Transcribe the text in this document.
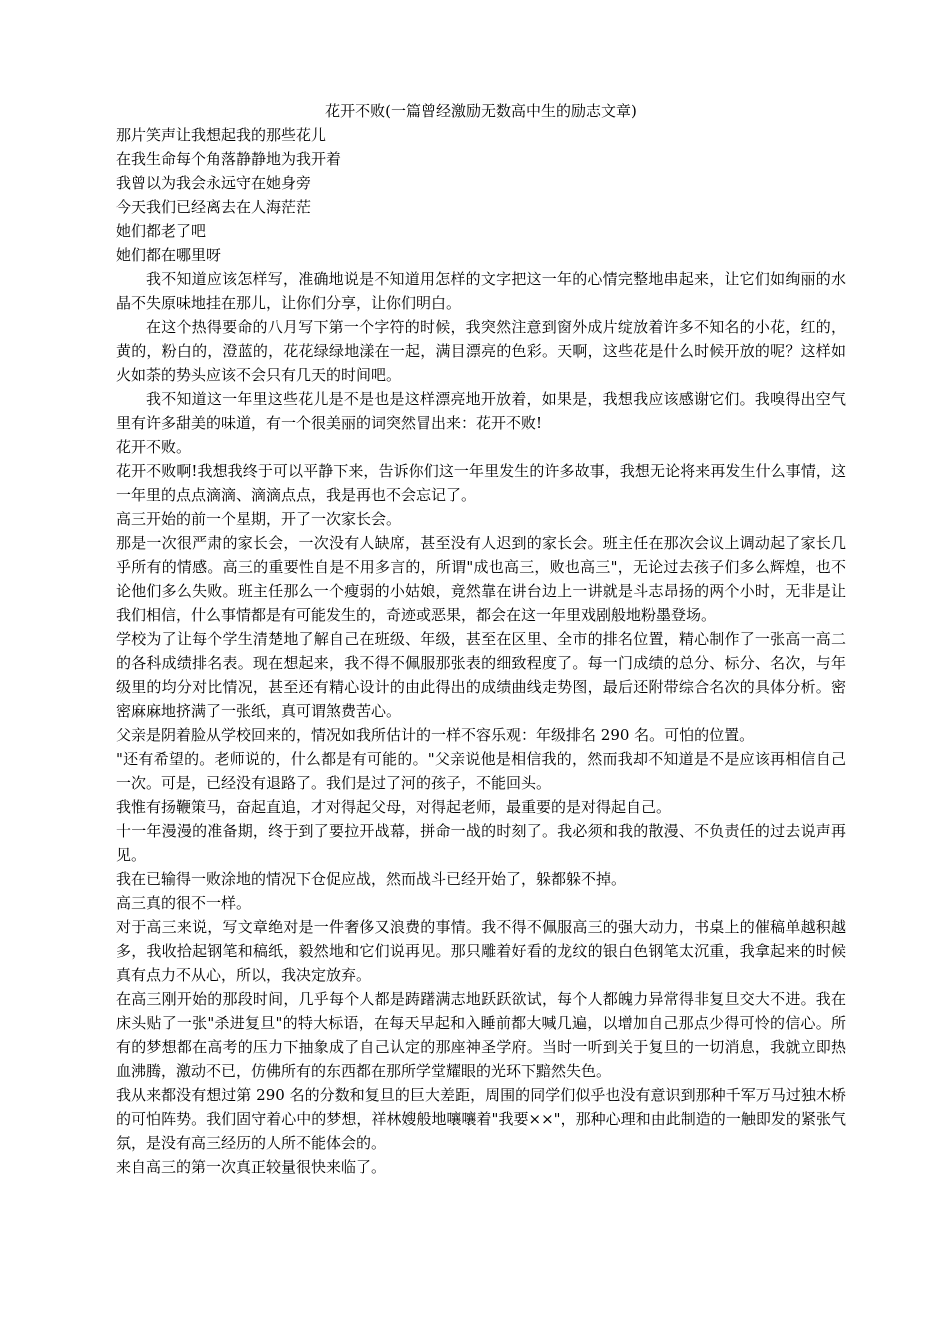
花开不败(一篇曾经激励无数高中生的励志文章)
那片笑声让我想起我的那些花儿
在我生命每个角落静静地为我开着
我曾以为我会永远守在她身旁
今天我们已经离去在人海茫茫
她们都老了吧
她们都在哪里呀
我不知道应该怎样写，准确地说是不知道用怎样的文字把这一年的心情完整地串起来，让它们如绚丽的水晶不失原味地挂在那儿，让你们分享，让你们明白。
在这个热得要命的八月写下第一个字符的时候，我突然注意到窗外成片绽放着许多不知名的小花，红的，黄的，粉白的，澄蓝的，花花绿绿地漾在一起，满目漂亮的色彩。天啊，这些花是什么时候开放的呢？这样如火如荼的势头应该不会只有几天的时间吧。
我不知道这一年里这些花儿是不是也是这样漂亮地开放着，如果是，我想我应该感谢它们。我嗅得出空气里有许多甜美的味道，有一个很美丽的词突然冒出来：花开不败!
花开不败。
花开不败啊!我想我终于可以平静下来，告诉你们这一年里发生的许多故事，我想无论将来再发生什么事情，这一年里的点点滴滴、滴滴点点，我是再也不会忘记了。
高三开始的前一个星期，开了一次家长会。
那是一次很严肃的家长会，一次没有人缺席，甚至没有人迟到的家长会。班主任在那次会议上调动起了家长几乎所有的情感。高三的重要性自是不用多言的，所谓"成也高三，败也高三"，无论过去孩子们多么辉煌，也不论他们多么失败。班主任那么一个瘦弱的小姑娘，竟然靠在讲台边上一讲就是斗志昂扬的两个小时，无非是让我们相信，什么事情都是有可能发生的，奇迹或恶果，都会在这一年里戏剧般地粉墨登场。
学校为了让每个学生清楚地了解自己在班级、年级，甚至在区里、全市的排名位置，精心制作了一张高一高二的各科成绩排名表。现在想起来，我不得不佩服那张表的细致程度了。每一门成绩的总分、标分、名次，与年级里的均分对比情况，甚至还有精心设计的由此得出的成绩曲线走势图，最后还附带综合名次的具体分析。密密麻麻地挤满了一张纸，真可谓煞费苦心。
父亲是阴着脸从学校回来的，情况如我所估计的一样不容乐观：年级排名 290 名。可怕的位置。
"还有希望的。老师说的，什么都是有可能的。"父亲说他是相信我的，然而我却不知道是不是应该再相信自己一次。可是，已经没有退路了。我们是过了河的孩子，不能回头。
我惟有扬鞭策马，奋起直追，才对得起父母，对得起老师，最重要的是对得起自己。
十一年漫漫的准备期，终于到了要拉开战幕，拼命一战的时刻了。我必须和我的散漫、不负责任的过去说声再见。
我在已输得一败涂地的情况下仓促应战，然而战斗已经开始了，躲都躲不掉。
高三真的很不一样。
对于高三来说，写文章绝对是一件奢侈又浪费的事情。我不得不佩服高三的强大动力，书桌上的催稿单越积越多，我收拾起钢笔和稿纸，毅然地和它们说再见。那只雕着好看的龙纹的银白色钢笔太沉重，我拿起来的时候真有点力不从心，所以，我决定放弃。
在高三刚开始的那段时间，几乎每个人都是踌躇满志地跃跃欲试，每个人都魄力异常得非复旦交大不进。我在床头贴了一张"杀进复旦"的特大标语，在每天早起和入睡前都大喊几遍，以增加自己那点少得可怜的信心。所有的梦想都在高考的压力下抽象成了自己认定的那座神圣学府。当时一听到关于复旦的一切消息，我就立即热血沸腾，激动不已，仿佛所有的东西都在那所学堂耀眼的光环下黯然失色。
我从来都没有想过第 290 名的分数和复旦的巨大差距，周围的同学们似乎也没有意识到那种千军万马过独木桥的可怕阵势。我们固守着心中的梦想，祥林嫂般地嚷嚷着"我要××"，那种心理和由此制造的一触即发的紧张气氛，是没有高三经历的人所不能体会的。
来自高三的第一次真正较量很快来临了。
